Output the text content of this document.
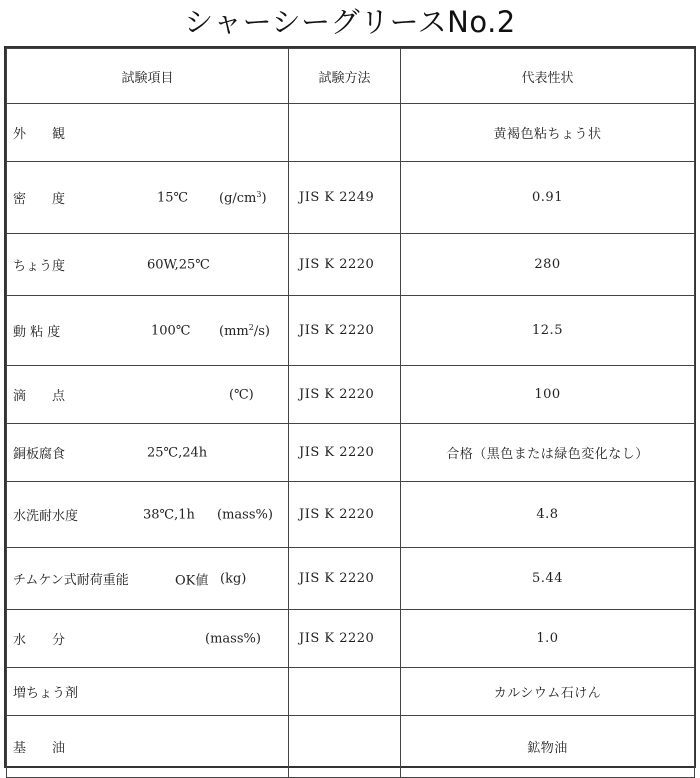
シャーシーグリースNo.2
試験項目	試験方法	代表性状
外　　観		黄褐色粘ちょう状
密　　度 15℃ $(g/cm^3)$	JIS K 2249	0.91
ちょう度 60W,25℃	JIS K 2220	280
動 粘 度 100℃ $(mm^2/s)$	JIS K 2220	12.5
滴　　点 (℃)	JIS K 2220	100
銅板腐食 25℃,24h	JIS K 2220	合格（黒色または緑色変化なし）
水洗耐水度 38℃,1h (mass%)	JIS K 2220	4.8
チムケン式耐荷重能 OK値 (kg)	JIS K 2220	5.44
水　　分 (mass%)	JIS K 2220	1.0
増ちょう剤		カルシウム石けん
基　　油		鉱物油
